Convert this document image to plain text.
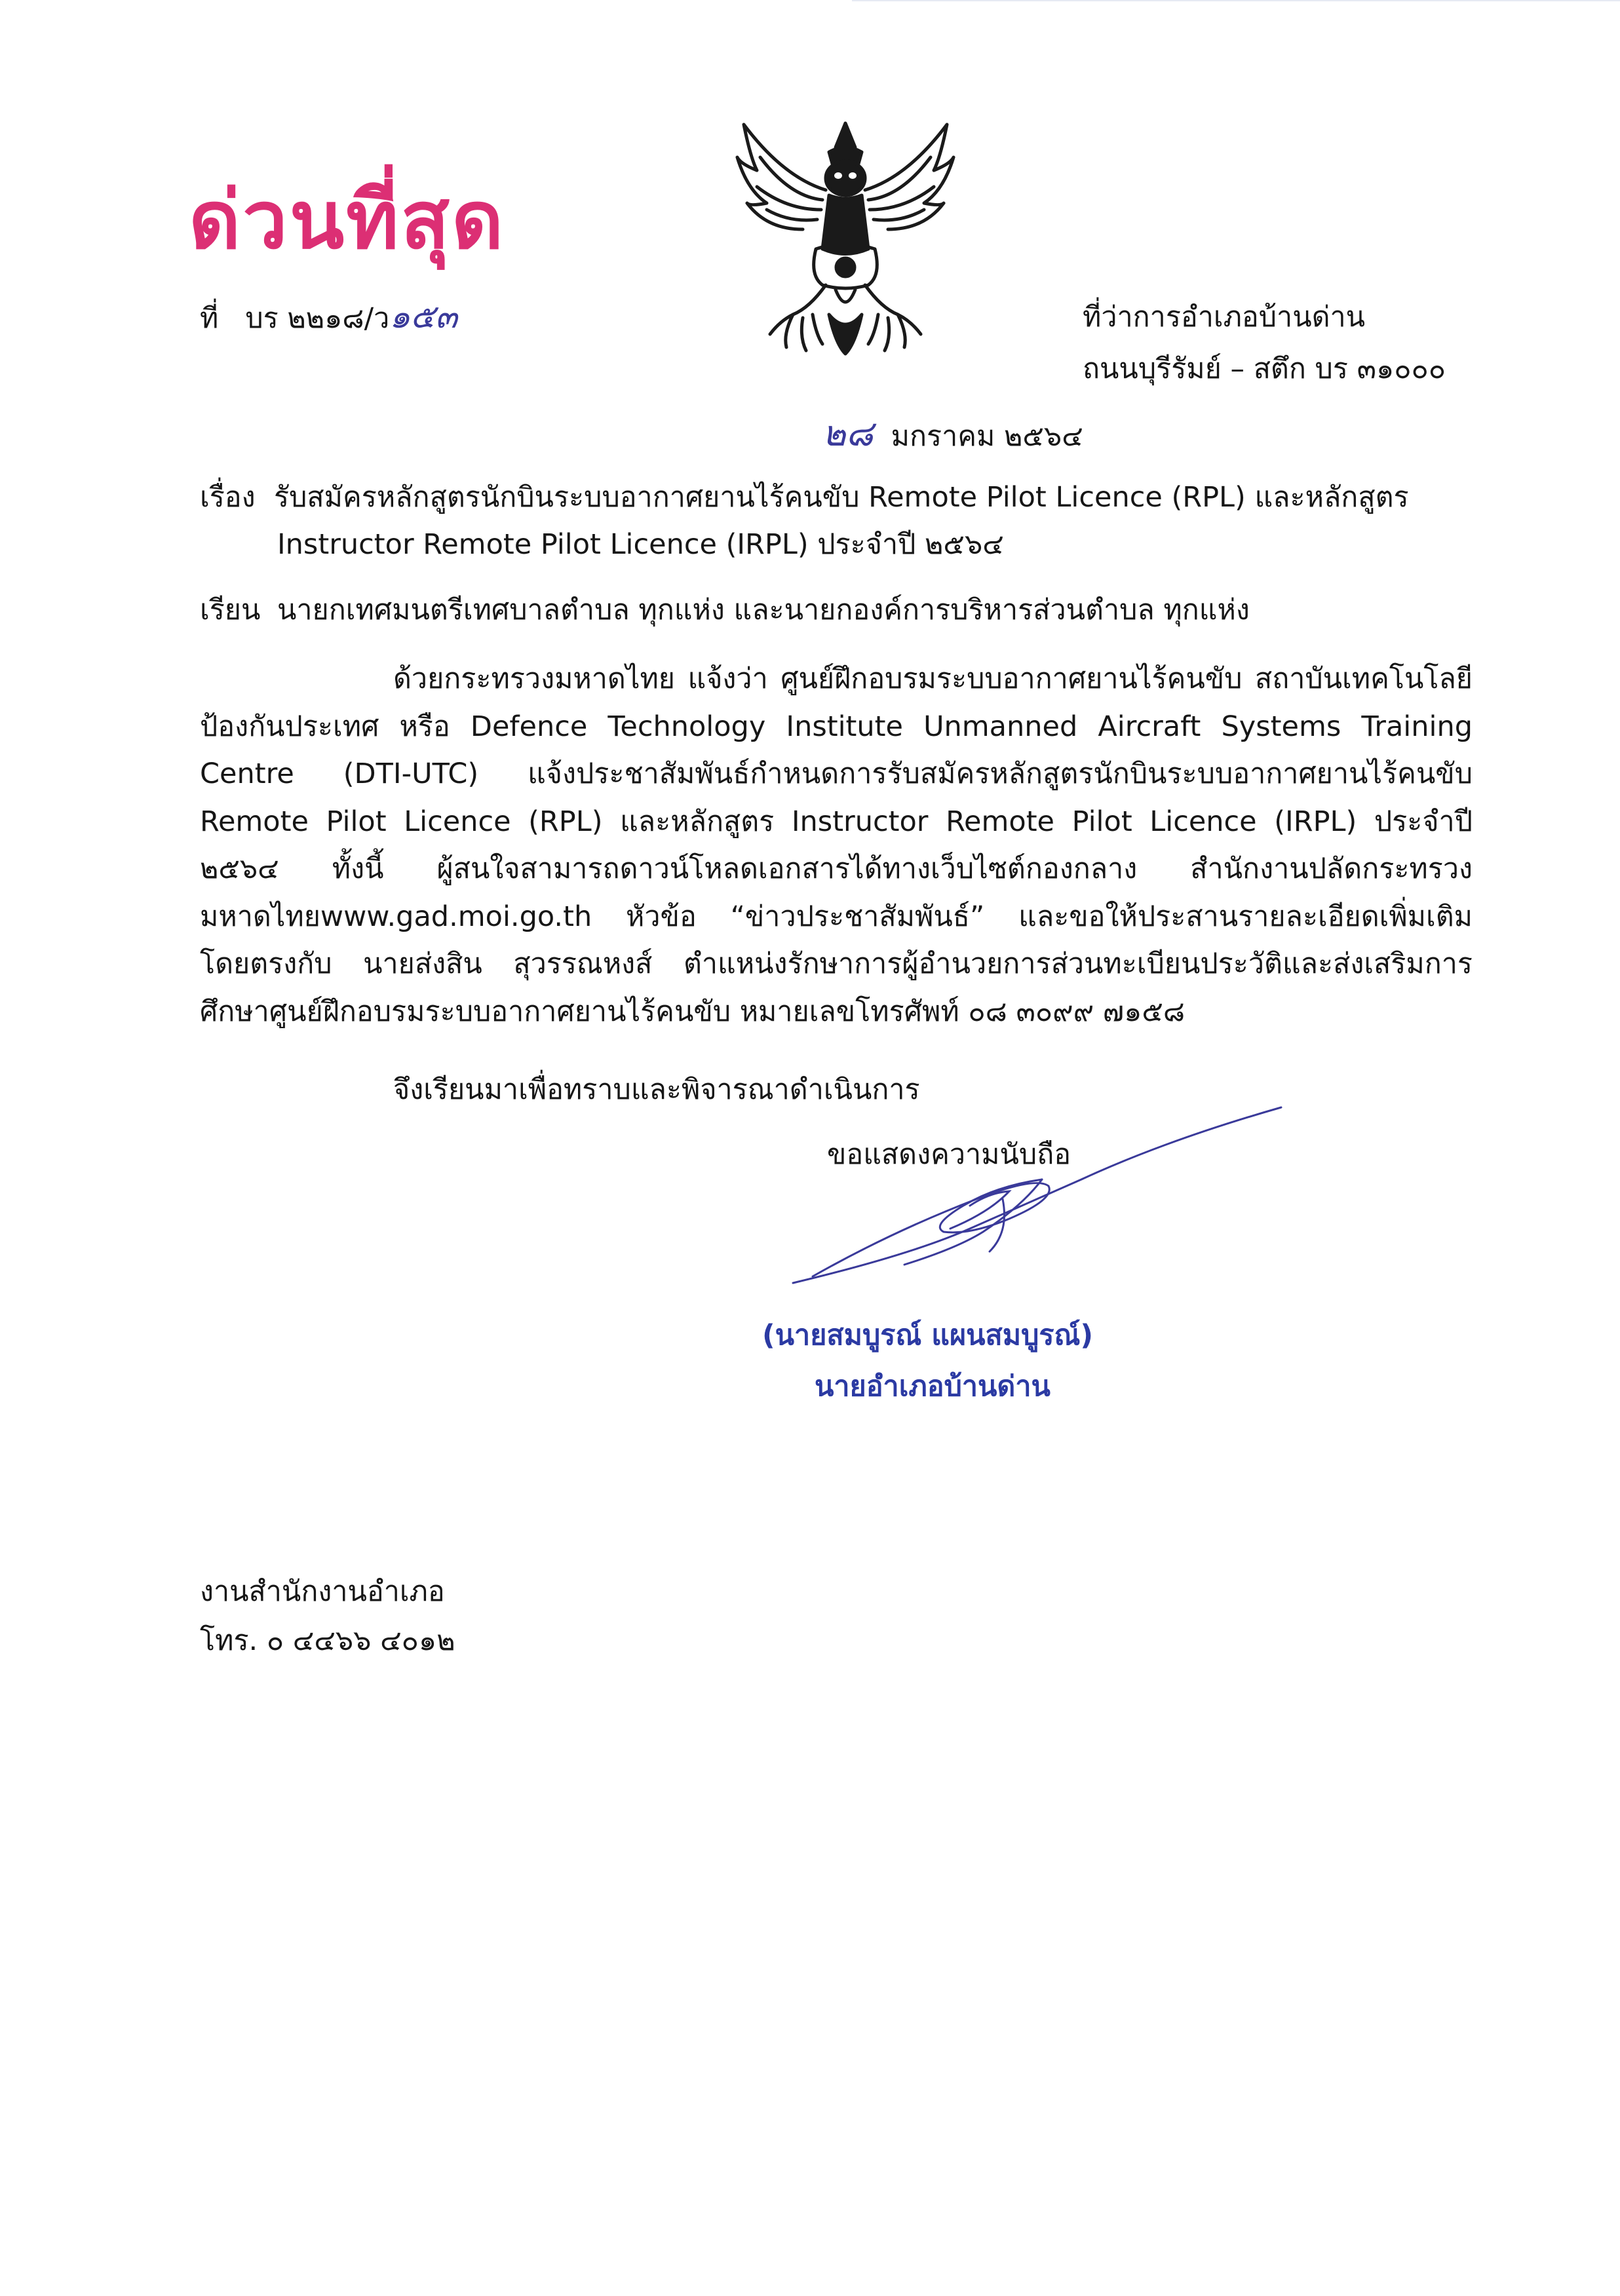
ด่วนที่สุด
ที่ บร ๒๒๑๘/ว๑๕๓	ที่ว่าการอำเภอบ้านด่าน
ถนนบุรีรัมย์ – สตึก บร ๓๑๐๐๐
๒๘ มกราคม ๒๕๖๔
เรื่อง รับสมัครหลักสูตรนักบินระบบอากาศยานไร้คนขับ Remote Pilot Licence (RPL) และหลักสูตร
Instructor Remote Pilot Licence (IRPL) ประจำปี ๒๕๖๔
เรียน นายกเทศมนตรีเทศบาลตำบล ทุกแห่ง และนายกองค์การบริหารส่วนตำบล ทุกแห่ง
ด้วยกระทรวงมหาดไทย แจ้งว่า ศูนย์ฝึกอบรมระบบอากาศยานไร้คนขับ สถาบันเทคโนโลยีป้องกันประเทศ หรือ Defence Technology Institute Unmanned Aircraft Systems Training Centre (DTI-UTC) แจ้งประชาสัมพันธ์กำหนดการรับสมัครหลักสูตรนักบินระบบอากาศยานไร้คนขับ Remote Pilot Licence (RPL) และหลักสูตร Instructor Remote Pilot Licence (IRPL) ประจำปี ๒๕๖๔ ทั้งนี้ ผู้สนใจสามารถดาวน์โหลดเอกสารได้ทางเว็บไซต์กองกลาง สำนักงานปลัดกระทรวงมหาดไทยwww.gad.moi.go.th หัวข้อ “ข่าวประชาสัมพันธ์” และขอให้ประสานรายละเอียดเพิ่มเติมโดยตรงกับ นายส่งสิน สุวรรณหงส์ ตำแหน่งรักษาการผู้อำนวยการส่วนทะเบียนประวัติและส่งเสริมการศึกษาศูนย์ฝึกอบรมระบบอากาศยานไร้คนขับ หมายเลขโทรศัพท์ ๐๘ ๓๐๙๙ ๗๑๕๘
จึงเรียนมาเพื่อทราบและพิจารณาดำเนินการ
ขอแสดงความนับถือ
(นายสมบูรณ์ แผนสมบูรณ์)
นายอำเภอบ้านด่าน
งานสำนักงานอำเภอ
โทร. ๐ ๔๔๖๖ ๔๐๑๒
